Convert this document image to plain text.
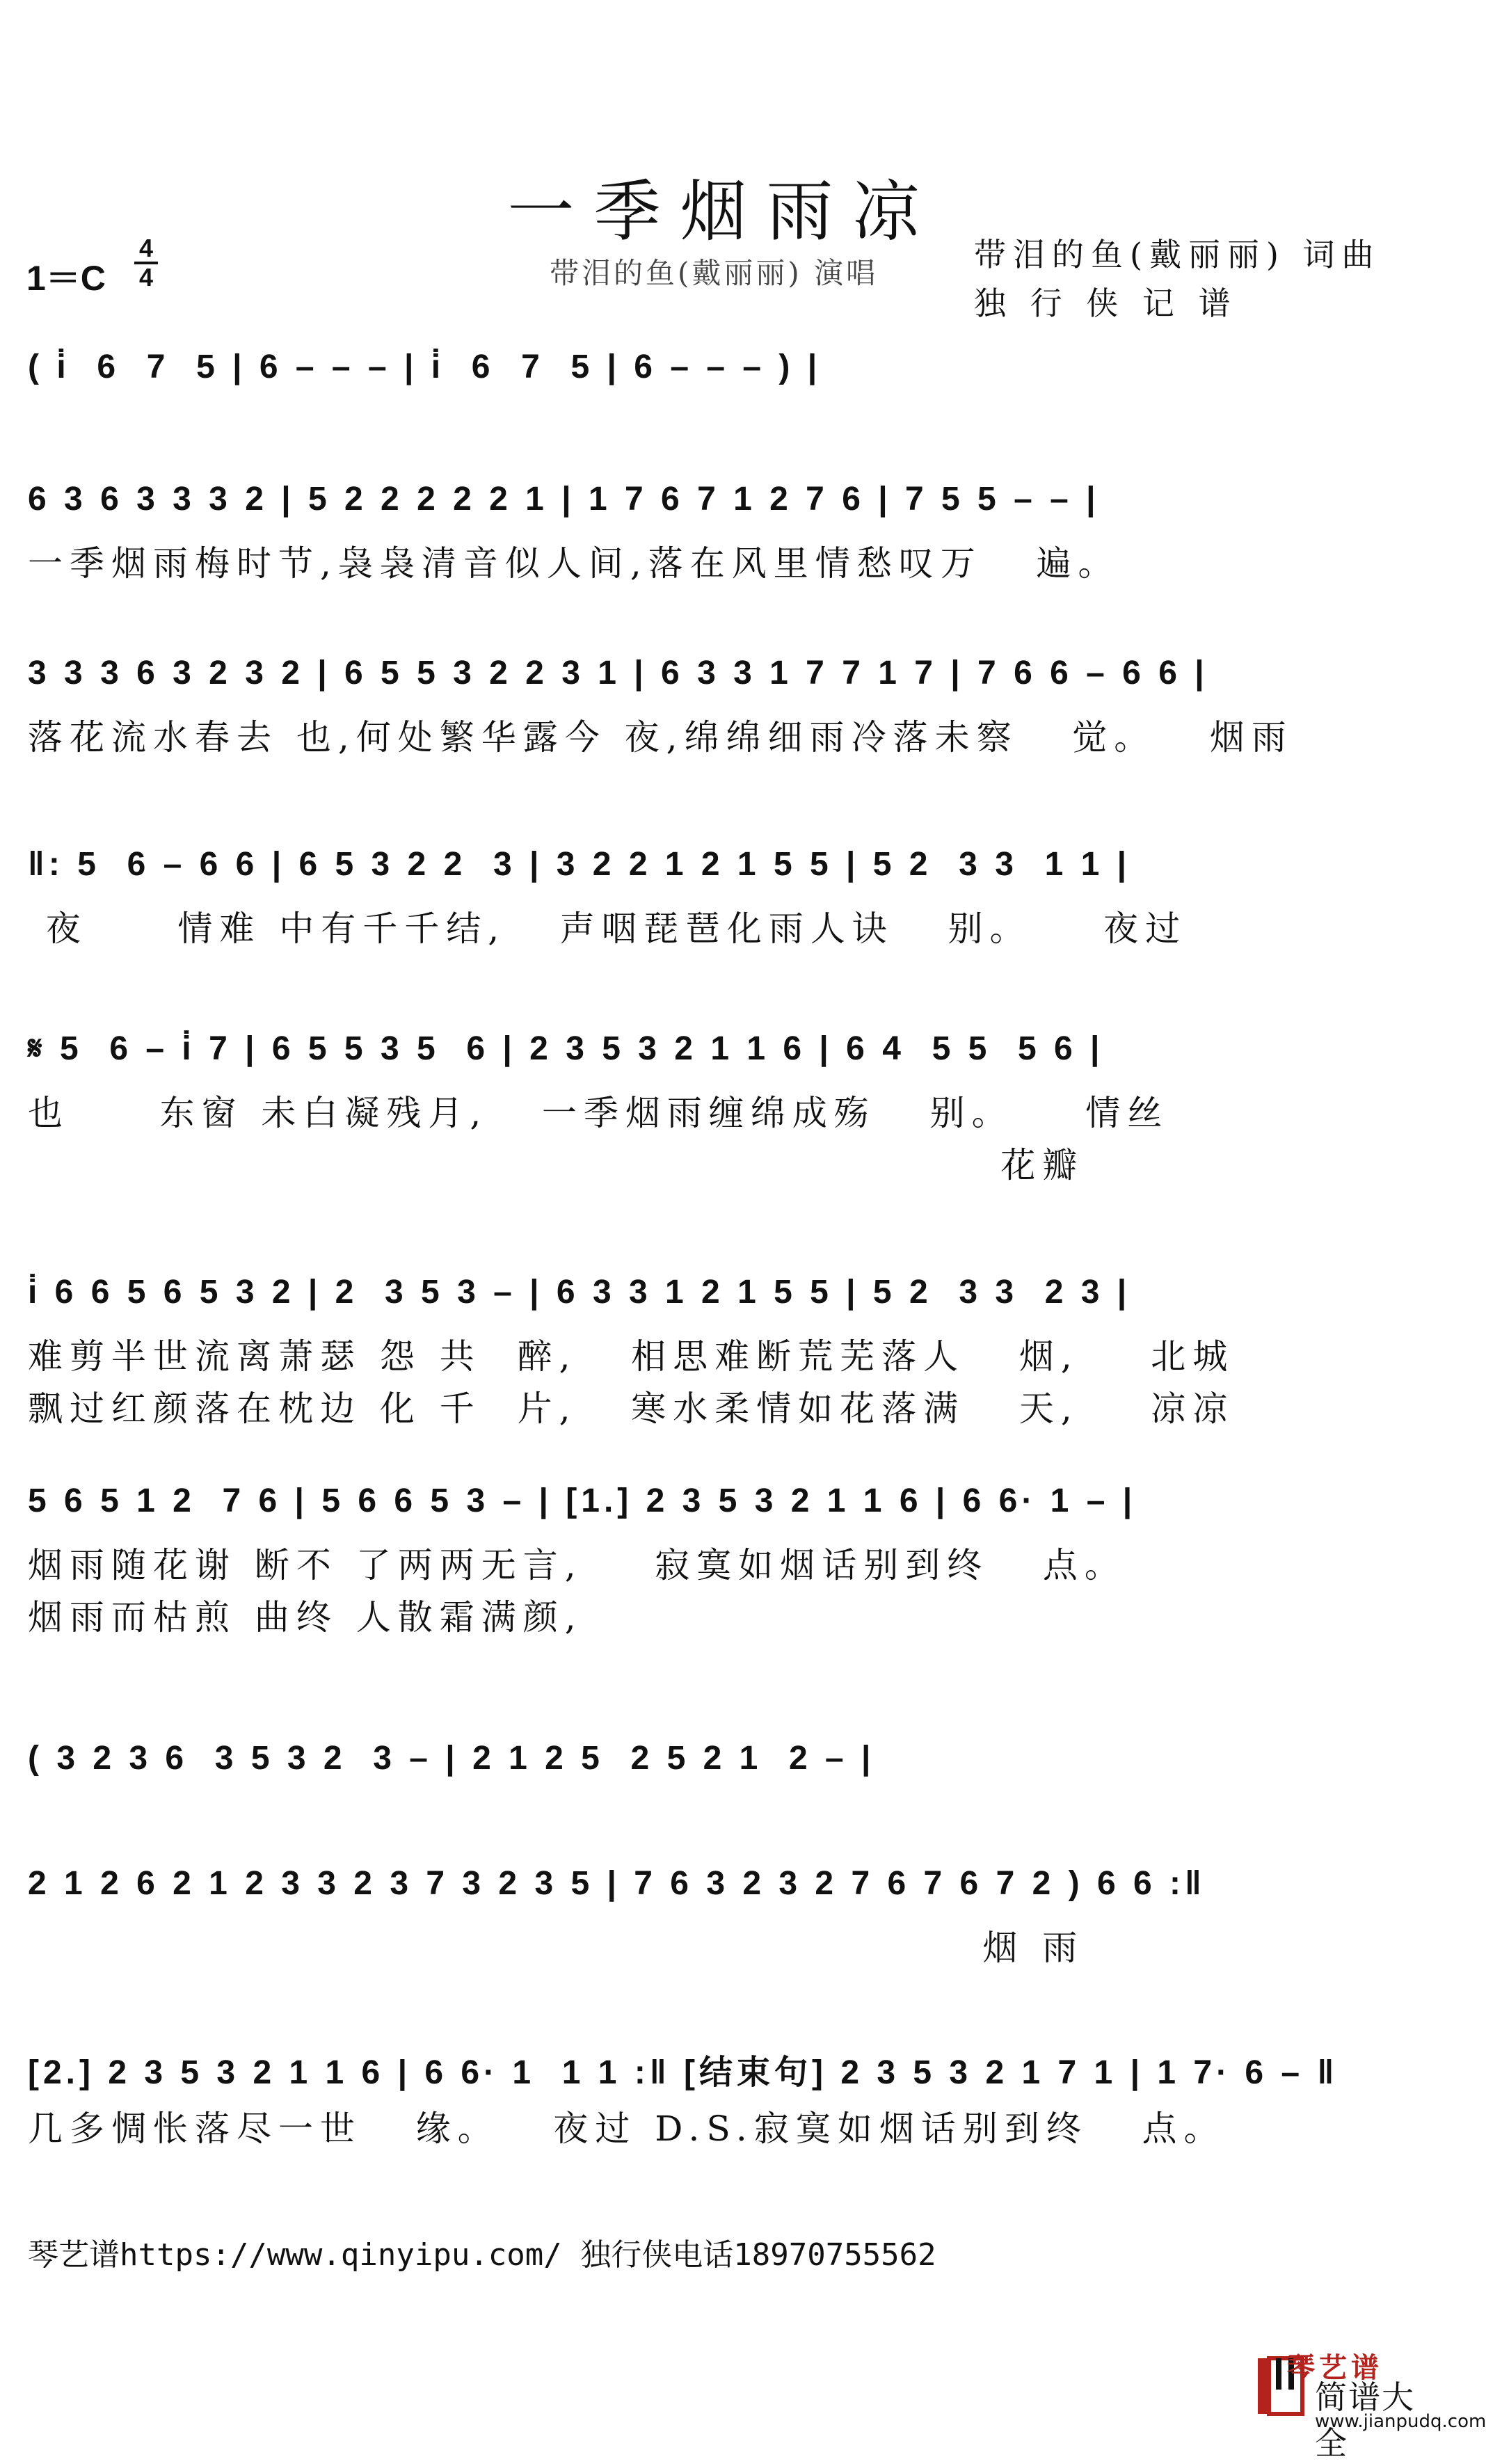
一季烟雨凉
1＝C
4
4	带泪的鱼(戴丽丽) 演唱	带泪的鱼(戴丽丽) 词曲
独 行 侠 记 谱
( i̇  6  7  5 | 6 – – – | i̇  6  7  5 | 6 – – – ) |
6 3 6 3 3 3 2 | 5 2 2 2 2 2 1 | 1 7 6 7 1 2 7 6 | 7 5 5 – – |
一季烟雨梅时节,袅袅清音似人间,落在风里情愁叹万   遍。
3 3 3 6 3 2 3 2 | 6 5 5 3 2 2 3 1 | 6 3 3 1 7 7 1 7 | 7 6 6 – 6 6 |
落花流水春去 也,何处繁华露今 夜,绵绵细雨冷落未察   觉。   烟雨
‖: 5  6 – 6 6 | 6 5 3 2 2  3 | 3 2 2 1 2 1 5 5 | 5 2  3 3  1 1 |
夜     情难 中有千千结,   声咽琵琶化雨人诀   别。    夜过
𝄋 5  6 – i̇ 7 | 6 5 5 3 5  6 | 2 3 5 3 2 1 1 6 | 6 4  5 5  5 6 |
也     东窗 未白凝残月,   一季烟雨缠绵成殇   别。    情丝
花瓣
i̇ 6 6 5 6 5 3 2 | 2  3 5 3 – | 6 3 3 1 2 1 5 5 | 5 2  3 3  2 3 |
难剪半世流离萧瑟 怨 共  醉,   相思难断荒芜落人   烟,    北城
飘过红颜落在枕边 化 千  片,   寒水柔情如花落满   天,    凉凉
5 6 5 1 2  7 6 | 5 6 6 5 3 – | [1.] 2 3 5 3 2 1 1 6 | 6 6· 1 – |
烟雨随花谢 断不 了两两无言,    寂寞如烟话别到终   点。
烟雨而枯煎 曲终 人散霜满颜,
( 3 2 3 6  3 5 3 2  3 – | 2 1 2 5  2 5 2 1  2 – |
2 1 2 6 2 1 2 3 3 2 3 7 3 2 3 5 | 7 6 3 2 3 2 7 6 7 6 7 2 ) 6 6 :‖
烟 雨
[2.] 2 3 5 3 2 1 1 6 | 6 6· 1  1 1 :‖ [结束句] 2 3 5 3 2 1 7 1 | 1 7· 6 – ‖
几多惆怅落尽一世   缘。   夜过 D.S.寂寞如烟话别到终   点。
琴艺谱https://www.qinyipu.com/ 独行侠电话18970755562
琴艺谱
简谱大全
www.jianpudq.com
